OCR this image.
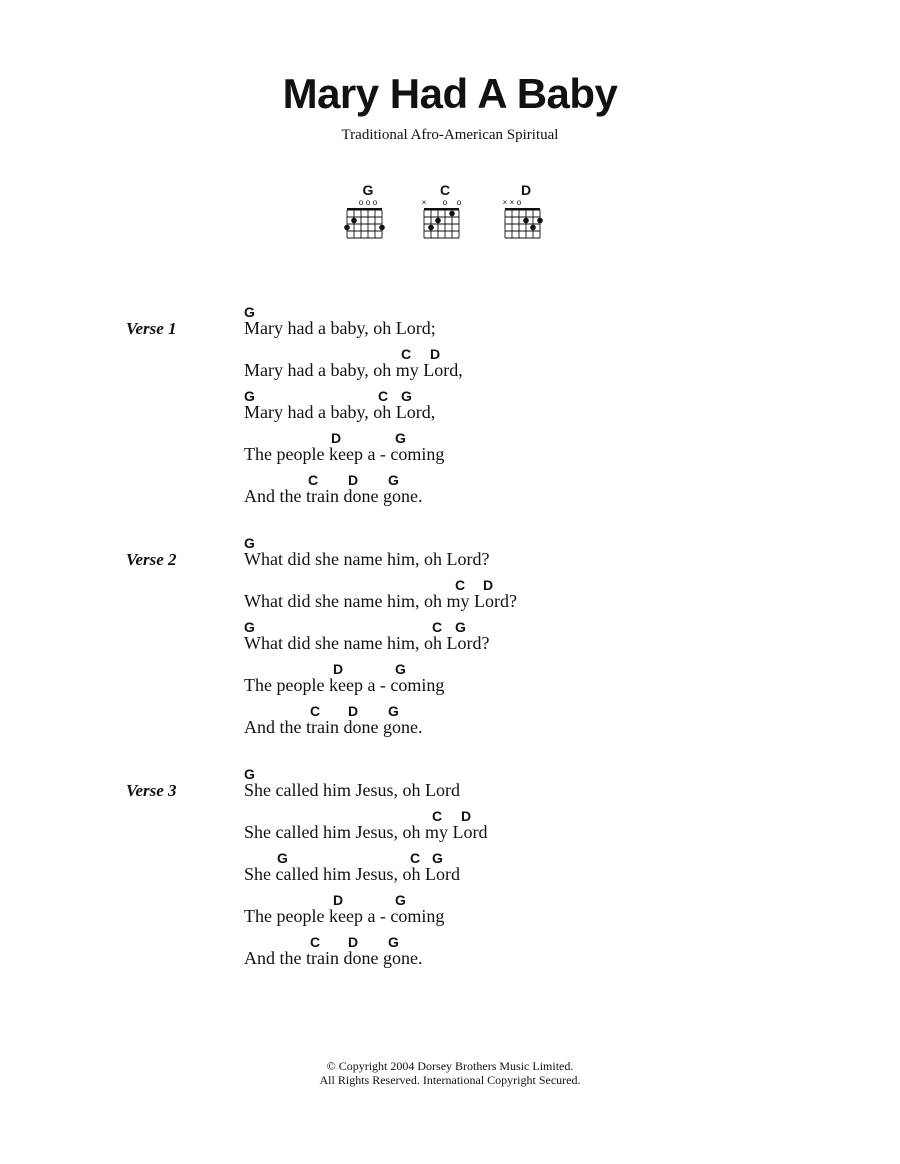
Mary Had A Baby
Traditional Afro-American Spiritual
G
o o o
C
× o o
D
× × o
Verse 1
G
Mary had a baby, oh Lord;
C D
Mary had a baby, oh my Lord,
G	C G
Mary had a baby, oh Lord,
D	G
The people keep a - coming
C D G
And the train done gone.
Verse 2
G
What did she name him, oh Lord?
C D
What did she name him, oh my Lord?
G	C G
What did she name him, oh Lord?
D	G
The people keep a - coming
C D G
And the train done gone.
Verse 3
G
She called him Jesus, oh Lord
C D
She called him Jesus, oh my Lord
G	C G
She called him Jesus, oh Lord
D	G
The people keep a - coming
C D G
And the train done gone.
© Copyright 2004 Dorsey Brothers Music Limited.
All Rights Reserved. International Copyright Secured.
